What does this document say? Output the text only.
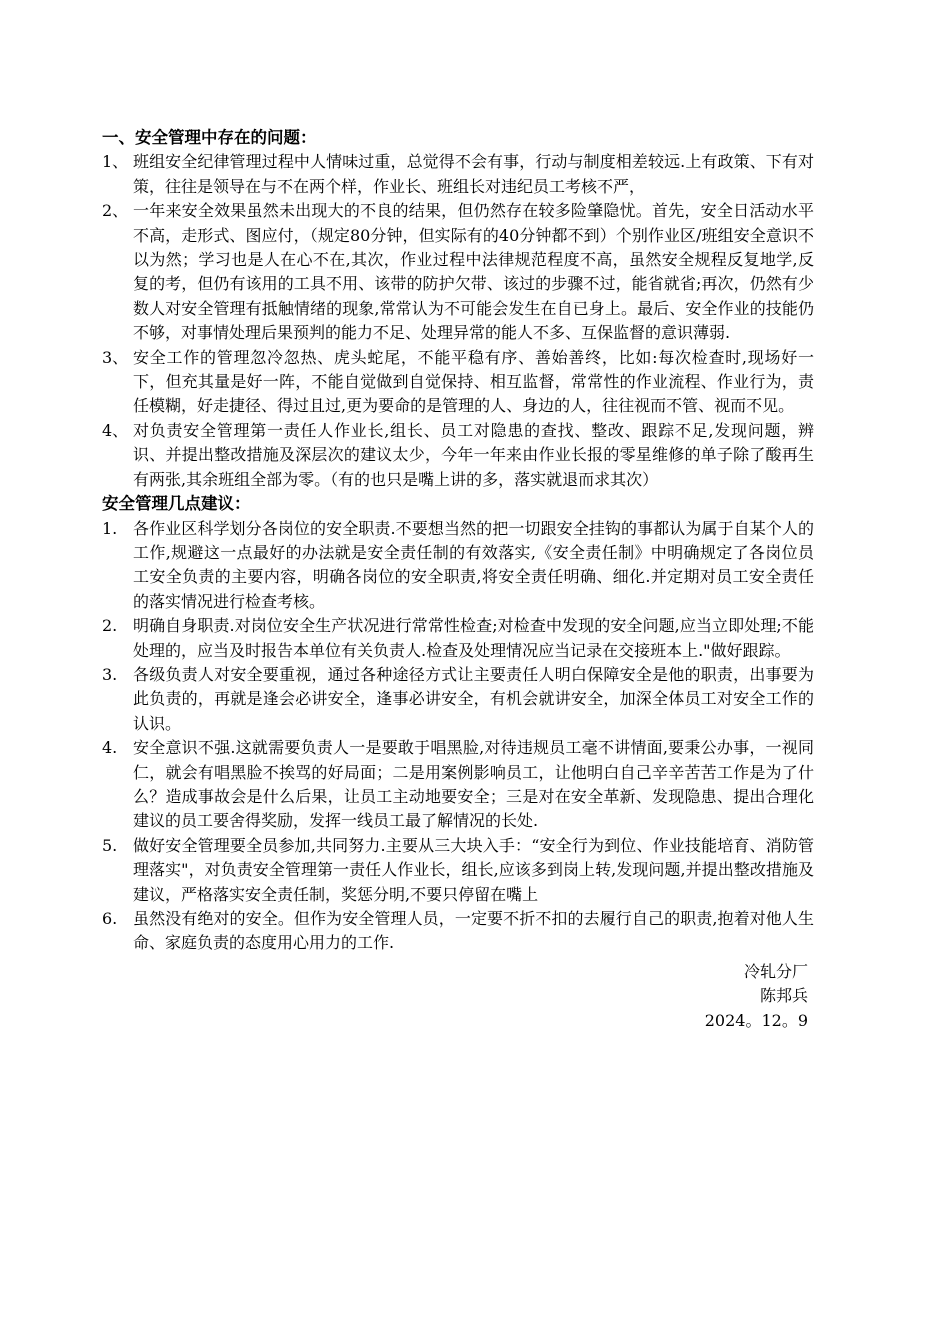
一、安全管理中存在的问题：
1、 班组安全纪律管理过程中人情味过重，总觉得不会有事，行动与制度相差较远.上有政策、下有对策，往往是领导在与不在两个样，作业长、班组长对违纪员工考核不严，
2、 一年来安全效果虽然未出现大的不良的结果，但仍然存在较多险肇隐忧。首先，安全日活动水平不高，走形式、图应付，（规定80分钟，但实际有的40分钟都不到）个别作业区/班组安全意识不以为然；学习也是人在心不在,其次，作业过程中法律规范程度不高，虽然安全规程反复地学,反复的考，但仍有该用的工具不用、该带的防护欠带、该过的步骤不过，能省就省;再次，仍然有少数人对安全管理有抵触情绪的现象,常常认为不可能会发生在自已身上。最后、安全作业的技能仍不够，对事情处理后果预判的能力不足、处理异常的能人不多、互保监督的意识薄弱.
3、 安全工作的管理忽冷忽热、虎头蛇尾，不能平稳有序、善始善终，比如:每次检查时,现场好一下，但充其量是好一阵，不能自觉做到自觉保持、相互监督，常常性的作业流程、作业行为，责任模糊，好走捷径、得过且过,更为要命的是管理的人、身边的人，往往视而不管、视而不见。
4、 对负责安全管理第一责任人作业长,组长、员工对隐患的查找、整改、跟踪不足,发现问题，辨识、并提出整改措施及深层次的建议太少，今年一年来由作业长报的零星维修的单子除了酸再生有两张,其余班组全部为零。（有的也只是嘴上讲的多，落实就退而求其次）
安全管理几点建议：
1. 各作业区科学划分各岗位的安全职责.不要想当然的把一切跟安全挂钩的事都认为属于自某个人的工作,规避这一点最好的办法就是安全责任制的有效落实,《安全责任制》中明确规定了各岗位员工安全负责的主要内容，明确各岗位的安全职责,将安全责任明确、细化.并定期对员工安全责任的落实情况进行检查考核。
2. 明确自身职责.对岗位安全生产状况进行常常性检查;对检查中发现的安全问题,应当立即处理;不能处理的，应当及时报告本单位有关负责人.检查及处理情况应当记录在交接班本上."做好跟踪。
3. 各级负责人对安全要重视，通过各种途径方式让主要责任人明白保障安全是他的职责，出事要为此负责的，再就是逢会必讲安全，逢事必讲安全，有机会就讲安全，加深全体员工对安全工作的认识。
4. 安全意识不强.这就需要负责人一是要敢于唱黑脸,对待违规员工毫不讲情面,要秉公办事，一视同仁，就会有唱黑脸不挨骂的好局面；二是用案例影响员工，让他明白自己辛辛苦苦工作是为了什么？造成事故会是什么后果，让员工主动地要安全；三是对在安全革新、发现隐患、提出合理化建议的员工要舍得奖励，发挥一线员工最了解情况的长处.
5. 做好安全管理要全员参加,共同努力.主要从三大块入手：“安全行为到位、作业技能培育、消防管理落实"，对负责安全管理第一责任人作业长，组长,应该多到岗上转,发现问题,并提出整改措施及建议，严格落实安全责任制，奖惩分明,不要只停留在嘴上
6. 虽然没有绝对的安全。但作为安全管理人员，一定要不折不扣的去履行自己的职责,抱着对他人生命、家庭负责的态度用心用力的工作.
冷轧分厂
陈邦兵
2024。12。9
